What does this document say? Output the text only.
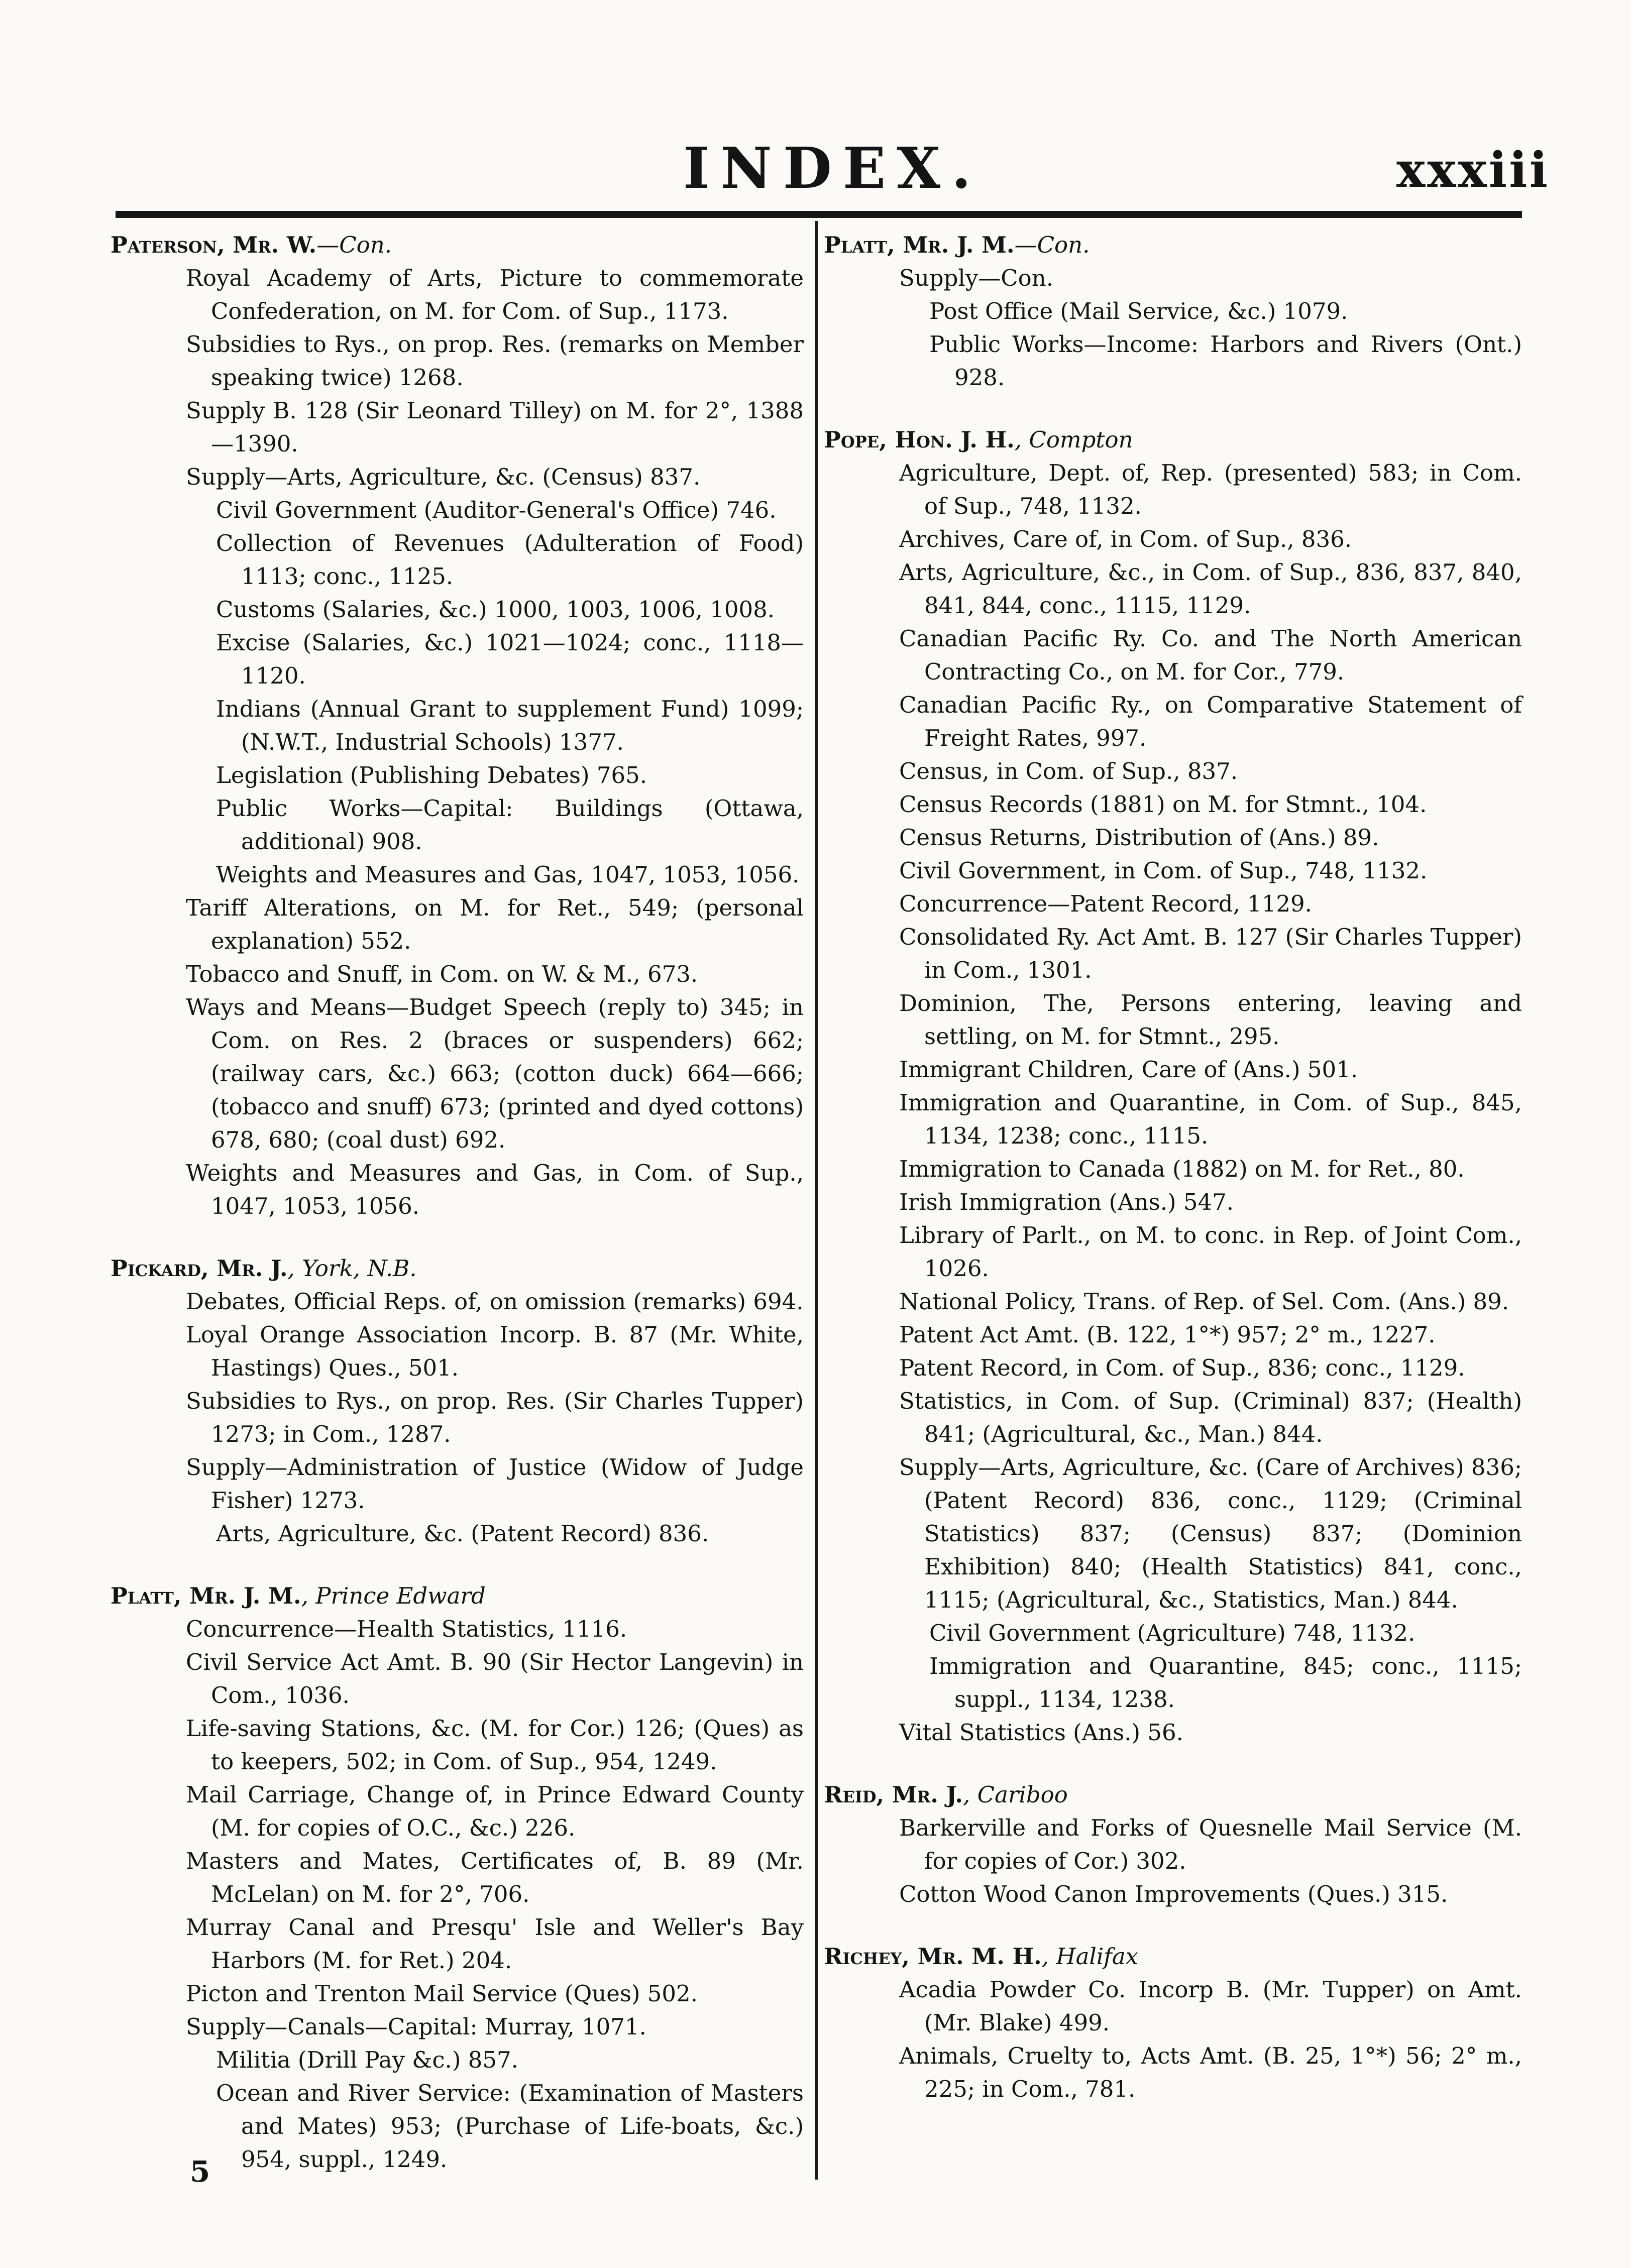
INDEX.	xxxiii

Paterson, Mr. W.—Con.

Royal Academy of Arts, Picture to commemorate Confederation, on M. for Com. of Sup., 1173.

Subsidies to Rys., on prop. Res. (remarks on Member speaking twice) 1268.

Supply B. 128 (Sir Leonard Tilley) on M. for 2°, 1388—1390.

Supply—Arts, Agriculture, &c. (Census) 837.

Civil Government (Auditor-General's Office) 746.

Collection of Revenues (Adulteration of Food) 1113; conc., 1125.

Customs (Salaries, &c.) 1000, 1003, 1006, 1008.

Excise (Salaries, &c.) 1021—1024; conc., 1118—1120.

Indians (Annual Grant to supplement Fund) 1099; (N.W.T., Industrial Schools) 1377.

Legislation (Publishing Debates) 765.

Public Works—Capital: Buildings (Ottawa, additional) 908.

Weights and Measures and Gas, 1047, 1053, 1056.

Tariff Alterations, on M. for Ret., 549; (personal explanation) 552.

Tobacco and Snuff, in Com. on W. & M., 673.

Ways and Means—Budget Speech (reply to) 345; in Com. on Res. 2 (braces or suspenders) 662; (railway cars, &c.) 663; (cotton duck) 664—666; (tobacco and snuff) 673; (printed and dyed cottons) 678, 680; (coal dust) 692.

Weights and Measures and Gas, in Com. of Sup., 1047, 1053, 1056.

Pickard, Mr. J., York, N.B.

Debates, Official Reps. of, on omission (remarks) 694.

Loyal Orange Association Incorp. B. 87 (Mr. White, Hastings) Ques., 501.

Subsidies to Rys., on prop. Res. (Sir Charles Tupper) 1273; in Com., 1287.

Supply—Administration of Justice (Widow of Judge Fisher) 1273.

Arts, Agriculture, &c. (Patent Record) 836.

Platt, Mr. J. M., Prince Edward

Concurrence—Health Statistics, 1116.

Civil Service Act Amt. B. 90 (Sir Hector Langevin) in Com., 1036.

Life-saving Stations, &c. (M. for Cor.) 126; (Ques) as to keepers, 502; in Com. of Sup., 954, 1249.

Mail Carriage, Change of, in Prince Edward County (M. for copies of O.C., &c.) 226.

Masters and Mates, Certificates of, B. 89 (Mr. McLelan) on M. for 2°, 706.

Murray Canal and Presqu' Isle and Weller's Bay Harbors (M. for Ret.) 204.

Picton and Trenton Mail Service (Ques) 502.

Supply—Canals—Capital: Murray, 1071.

Militia (Drill Pay &c.) 857.

Ocean and River Service: (Examination of Masters and Mates) 953; (Purchase of Life-boats, &c.) 954, suppl., 1249.

Platt, Mr. J. M.—Con.

Supply—Con.

Post Office (Mail Service, &c.) 1079.

Public Works—Income: Harbors and Rivers (Ont.) 928.

Pope, Hon. J. H., Compton

Agriculture, Dept. of, Rep. (presented) 583; in Com. of Sup., 748, 1132.

Archives, Care of, in Com. of Sup., 836.

Arts, Agriculture, &c., in Com. of Sup., 836, 837, 840, 841, 844, conc., 1115, 1129.

Canadian Pacific Ry. Co. and The North American Contracting Co., on M. for Cor., 779.

Canadian Pacific Ry., on Comparative Statement of Freight Rates, 997.

Census, in Com. of Sup., 837.

Census Records (1881) on M. for Stmnt., 104.

Census Returns, Distribution of (Ans.) 89.

Civil Government, in Com. of Sup., 748, 1132.

Concurrence—Patent Record, 1129.

Consolidated Ry. Act Amt. B. 127 (Sir Charles Tupper) in Com., 1301.

Dominion, The, Persons entering, leaving and settling, on M. for Stmnt., 295.

Immigrant Children, Care of (Ans.) 501.

Immigration and Quarantine, in Com. of Sup., 845, 1134, 1238; conc., 1115.

Immigration to Canada (1882) on M. for Ret., 80.

Irish Immigration (Ans.) 547.

Library of Parlt., on M. to conc. in Rep. of Joint Com., 1026.

National Policy, Trans. of Rep. of Sel. Com. (Ans.) 89.

Patent Act Amt. (B. 122, 1°*) 957; 2° m., 1227.

Patent Record, in Com. of Sup., 836; conc., 1129.

Statistics, in Com. of Sup. (Criminal) 837; (Health) 841; (Agricultural, &c., Man.) 844.

Supply—Arts, Agriculture, &c. (Care of Archives) 836; (Patent Record) 836, conc., 1129; (Criminal Statistics) 837; (Census) 837; (Dominion Exhibition) 840; (Health Statistics) 841, conc., 1115; (Agricultural, &c., Statistics, Man.) 844.

Civil Government (Agriculture) 748, 1132.

Immigration and Quarantine, 845; conc., 1115; suppl., 1134, 1238.

Vital Statistics (Ans.) 56.

Reid, Mr. J., Cariboo

Barkerville and Forks of Quesnelle Mail Service (M. for copies of Cor.) 302.

Cotton Wood Canon Improvements (Ques.) 315.

Richey, Mr. M. H., Halifax

Acadia Powder Co. Incorp B. (Mr. Tupper) on Amt. (Mr. Blake) 499.

Animals, Cruelty to, Acts Amt. (B. 25, 1°*) 56; 2° m., 225; in Com., 781.

5
